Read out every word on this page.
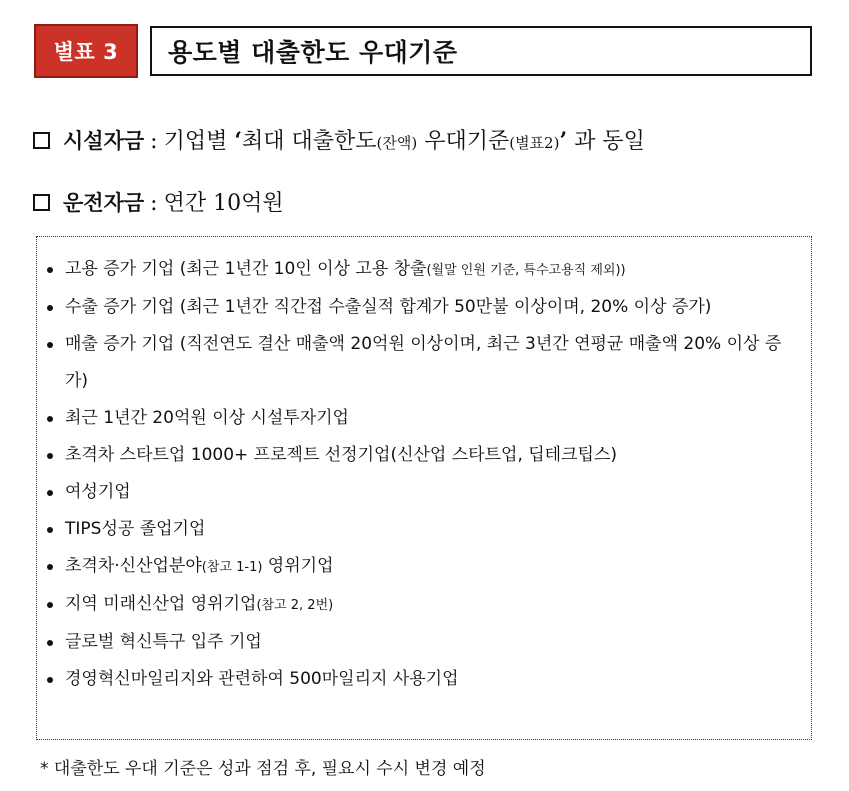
별표 3	용도별 대출한도 우대기준
시설자금 : 기업별 ‘최대 대출한도(잔액) 우대기준(별표2)’ 과 동일
운전자금 : 연간 10억원
고용 증가 기업 (최근 1년간 10인 이상 고용 창출(월말 인원 기준, 특수고용직 제외))
수출 증가 기업 (최근 1년간 직간접 수출실적 합계가 50만불 이상이며, 20% 이상 증가)
매출 증가 기업 (직전연도 결산 매출액 20억원 이상이며, 최근 3년간 연평균 매출액 20% 이상 증가)
최근 1년간 20억원 이상 시설투자기업
초격차 스타트업 1000+ 프로젝트 선정기업(신산업 스타트업, 딥테크팁스)
여성기업
TIPS성공 졸업기업
초격차·신산업분야(참고 1-1) 영위기업
지역 미래신산업 영위기업(참고 2, 2번)
글로벌 혁신특구 입주 기업
경영혁신마일리지와 관련하여 500마일리지 사용기업
* 대출한도 우대 기준은 성과 점검 후, 필요시 수시 변경 예정
